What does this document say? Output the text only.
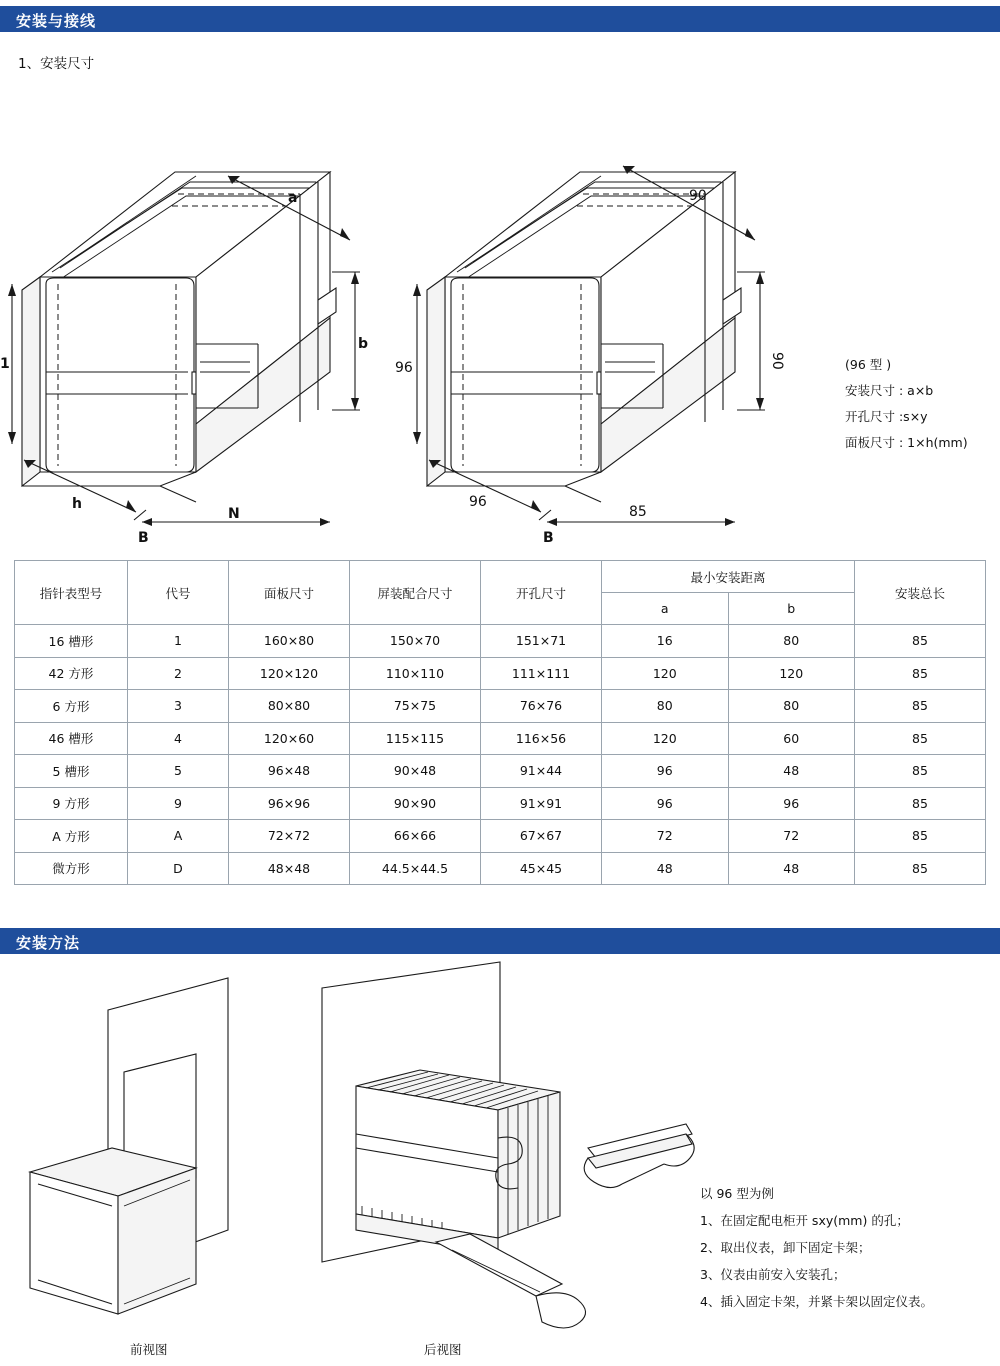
安装与接线
1、安装尺寸
a
b
1
h
N
B
90
90
96
96
85
B
(96 型 )
安装尺寸 : a×b
开孔尺寸 :s×y
面板尺寸 : 1×h(mm)
指针表型号	代号	面板尺寸	屏装配合尺寸	开孔尺寸	最小安装距离		安装总长
					a	b	
16 槽形	1	160×80	150×70	151×71	16	80	85
42 方形	2	120×120	110×110	111×111	120	120	85
6 方形	3	80×80	75×75	76×76	80	80	85
46 槽形	4	120×60	115×115	116×56	120	60	85
5 槽形	5	96×48	90×48	91×44	96	48	85
9 方形	9	96×96	90×90	91×91	96	96	85
A 方形	A	72×72	66×66	67×67	72	72	85
微方形	D	48×48	44.5×44.5	45×45	48	48	85
安装方法
以 96 型为例
1、在固定配电柜开 sxy(mm) 的孔；
2、取出仪表，卸下固定卡架；
3、仪表由前安入安装孔；
4、插入固定卡架，并紧卡架以固定仪表。
前视图	后视图
